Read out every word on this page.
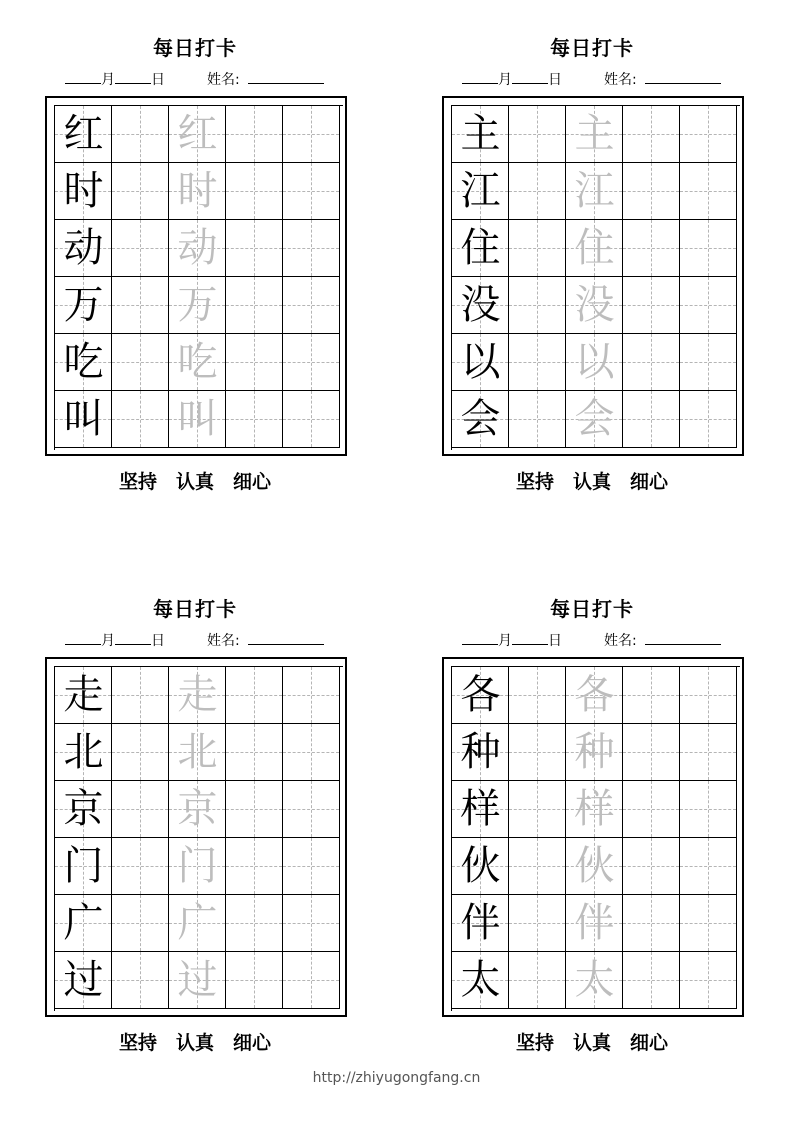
每日打卡
月	日	姓名:
红 红
时 时
动 动
万 万
吃 吃
叫 叫
坚持　认真　细心
每日打卡
月	日	姓名:
主 主
江 江
住 住
没 没
以 以
会 会
坚持　认真　细心
每日打卡
月	日	姓名:
走 走
北 北
京 京
门 门
广 广
过 过
坚持　认真　细心
每日打卡
月	日	姓名:
各 各
种 种
样 样
伙 伙
伴 伴
太 太
坚持　认真　细心
http://zhiyugongfang.cn
